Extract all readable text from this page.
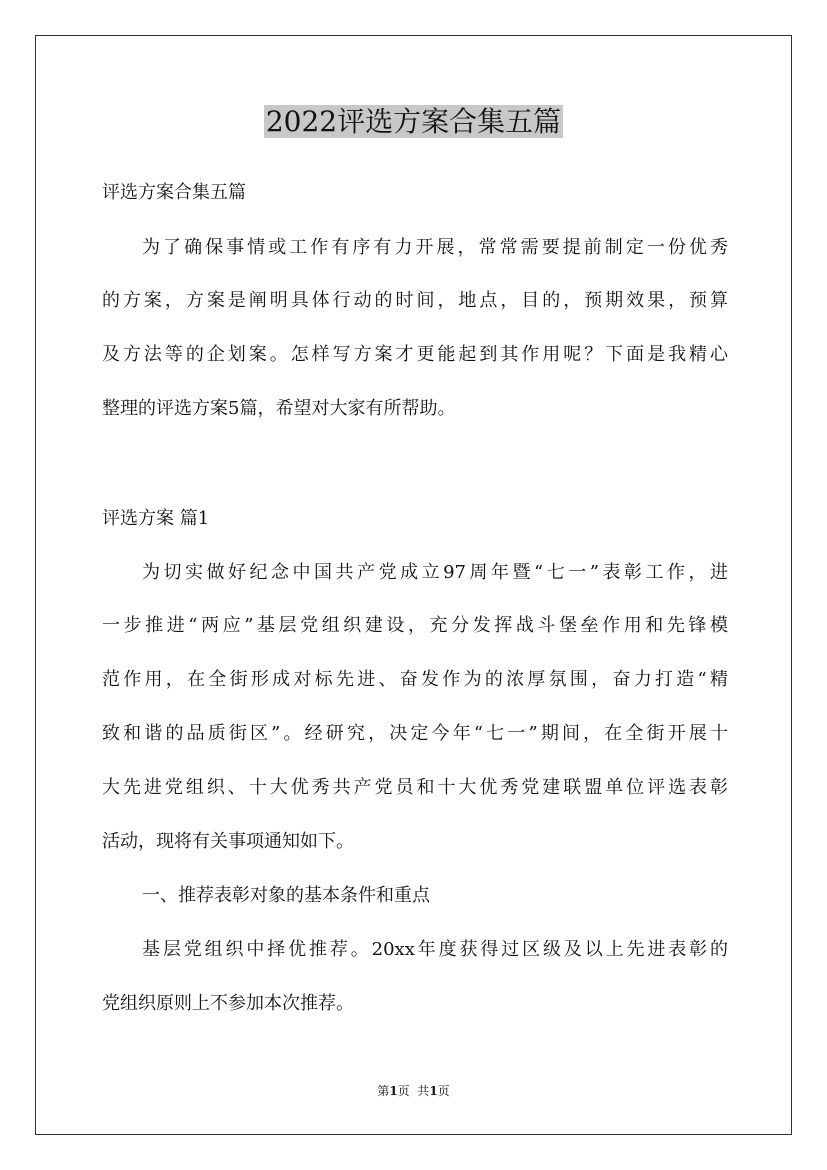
2022评选方案合集五篇

评选方案合集五篇

为了确保事情或工作有序有力开展，常常需要提前制定一份优秀

的方案，方案是阐明具体行动的时间，地点，目的，预期效果，预算

及方法等的企划案。怎样写方案才更能起到其作用呢？下面是我精心

整理的评选方案5篇，希望对大家有所帮助。

评选方案 篇1

为切实做好纪念中国共产党成立97周年暨“七一”表彰工作，进

一步推进“两应”基层党组织建设，充分发挥战斗堡垒作用和先锋模

范作用，在全街形成对标先进、奋发作为的浓厚氛围，奋力打造“精

致和谐的品质街区”。经研究，决定今年“七一”期间，在全街开展十

大先进党组织、十大优秀共产党员和十大优秀党建联盟单位评选表彰

活动，现将有关事项通知如下。

一、推荐表彰对象的基本条件和重点

基层党组织中择优推荐。20xx年度获得过区级及以上先进表彰的

党组织原则上不参加本次推荐。

第1页  共1页
